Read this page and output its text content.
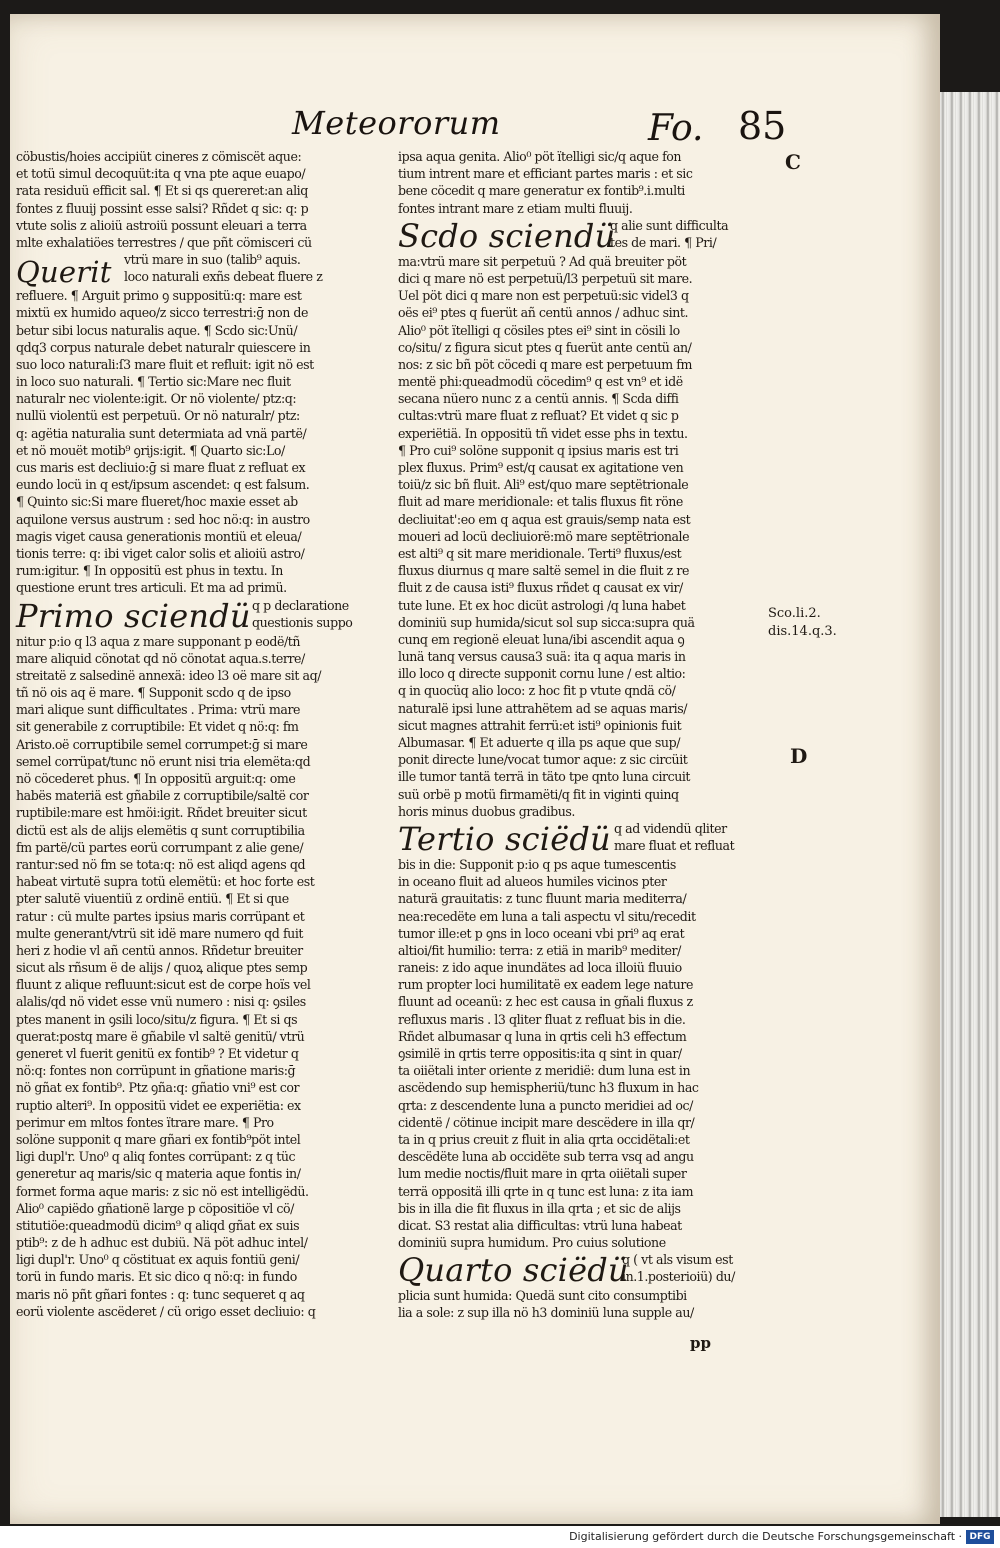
Meteororum	Fo. 85
C
D
Sco.li.2.
dis.14.q.3.
pp
cöbustis/hoies accipiüt cineres z cömiscët aque:
et totü simul decoquüt:ita q vna pte aque euapo/
rata residuü efficit sal. ¶ Et si qs quereret:an aliq
fontes z fluuij possint esse salsi? Rñdet q sic: q: p
vtute solis z alioiü astroiü possunt eleuari a terra
mlte exhalatiöes terrestres / que pñt cömisceri cü
Querit vtrü mare in suo (talib⁹ aquis.
loco naturali exñs debeat fluere z
refluere. ¶ Arguit primo ꝯ suppositü:q: mare est
mixtü ex humido aqueo/z sicco terrestri:ḡ non de
betur sibi locus naturalis aque. ¶ Scdo sic:Unü/
qdq3 corpus naturale debet naturalr quiescere in
suo loco naturali:ſ3 mare fluit et refluit: igit nö est
in loco suo naturali. ¶ Tertio sic:Mare nec fluit
naturalr nec violente:igit. Or nö violente/ ptz:q:
nullü violentü est perpetuü. Or nö naturalr/ ptz:
q: agëtia naturalia sunt determiata ad vnä partë/
et nö mouët motib⁹ ꝯrijs:igit. ¶ Quarto sic:Lo/
cus maris est decliuio:ḡ si mare fluat z refluat ex
eundo locü in q est/ipsum ascendet: q est falsum.
¶ Quinto sic:Si mare flueret/hoc maxie esset ab
aquilone versus austrum : sed hoc nö:q: in austro
magis viget causa generationis montiü et eleua/
tionis terre: q: ibi viget calor solis et alioiü astro/
rum:igitur. ¶ In oppositü est phus in textu. In
questione erunt tres articuli. Et ma ad primü.
Primo sciendü q p declaratione
questionis suppo
nitur p:io q l3 aqua z mare supponant p eodë/tñ
mare aliquid cönotat qd nö cönotat aqua.s.terre/
streitatë z salsedinë annexä: ideo l3 oë mare sit aq/
tñ nö ois aq ë mare. ¶ Supponit scdo q de ipso
mari alique sunt difficultates . Prima: vtrü mare
sit generabile z corruptibile: Et videt q nö:q: fm
Aristo.oë corruptibile semel corrumpet:ḡ si mare
semel corrüpat/tunc nö erunt nisi tria elemëta:qd
nö cöcederet phus. ¶ In oppositü arguit:q: ome
habës materiä est gñabile z corruptibile/saltë cor
ruptibile:mare est hmöi:igit. Rñdet breuiter sicut
dictü est als de alijs elemëtis q sunt corruptibilia
fm partë/cü partes eorü corrumpant z alie gene/
rantur:sed nö fm se tota:q: nö est aliqd agens qd
habeat virtutë supra totü elemëtü: et hoc forte est
pter salutë viuentiü z ordinë entiü. ¶ Et si que
ratur : cü multe partes ipsius maris corrüpant et
multe generant/vtrü sit idë mare numero qd fuit
heri z hodie vl añ centü annos. Rñdetur breuiter
sicut als rñsum ë de alijs / quoꝝ alique ptes semp
fluunt z alique refluunt:sicut est de corpe hoïs vel
alalis/qd nö videt esse vnü numero : nisi q: ꝯsiles
ptes manent in ꝯsili loco/situ/z figura. ¶ Et si qs
querat:postq mare ë gñabile vl saltë genitü/ vtrü
generet vl fuerit genitü ex fontib⁹ ? Et videtur q
nö:q: fontes non corrüpunt in gñatione maris:ḡ
nö gñat ex fontib⁹. Ptz ꝯña:q: gñatio vni⁹ est cor
ruptio alteri⁹. In oppositü videt ee experiëtia: ex
perimur em mltos fontes ïtrare mare. ¶ Pro
solöne supponit q mare gñari ex fontib⁹pöt intel
ligi dupl'r. Uno⁰ q aliq fontes corrüpant: z q tüc
generetur aq maris/sic q materia aque fontis in/
formet forma aque maris: z sic nö est intelligëdü.
Alio⁰ capiëdo gñationë large p cöpositiöe vl cö/
stitutiöe:queadmodü dicim⁹ q aliqd gñat ex suis
ptib⁹: z de h adhuc est dubiü. Nä pöt adhuc intel/
ligi dupl'r. Uno⁰ q cöstituat ex aquis fontiü geni/
torü in fundo maris. Et sic dico q nö:q: in fundo
maris nö pñt gñari fontes : q: tunc sequeret q aq
eorü violente ascëderet / cü origo esset decliuio: q
ipsa aqua genita. Alio⁰ pöt ïtelligi sic/q aque fon
tium intrent mare et efficiant partes maris : et sic
bene cöcedit q mare generatur ex fontib⁹.i.multi
fontes intrant mare z etiam multi fluuij.
Scdo sciendü
q alie sunt difficulta
tes de mari. ¶ Pri/
ma:vtrü mare sit perpetuü ? Ad quä breuiter pöt
dici q mare nö est perpetuü/l3 perpetuü sit mare.
Uel pöt dici q mare non est perpetuü:sic videl3 q
oës ei⁹ ptes q fuerüt añ centü annos / adhuc sint.
Alio⁰ pöt ïtelligi q cösiles ptes ei⁹ sint in cösili lo
co/situ/ z figura sicut ptes q fuerüt ante centü an/
nos: z sic bñ pöt cöcedi q mare est perpetuum fm
mentë phi:queadmodü cöcedim⁹ q est vn⁹ et idë
secana nüero nunc z a centü annis. ¶ Scda diffi
cultas:vtrü mare fluat z refluat? Et videt q sic p
experiëtiä. In oppositü tñ videt esse phs in textu.
¶ Pro cui⁹ solöne supponit q ipsius maris est tri
plex fluxus. Prim⁹ est/q causat ex agitatione ven
toiü/z sic bñ fluit. Ali⁹ est/quo mare septëtrionale
fluit ad mare meridionale: et talis fluxus fit röne
decliuitat':eo em q aqua est grauis/semp nata est
moueri ad locü decliuiorë:mö mare septëtrionale
est alti⁹ q sit mare meridionale. Terti⁹ fluxus/est
fluxus diurnus q mare saltë semel in die fluit z re
fluit z de causa isti⁹ fluxus rñdet q causat ex vir/
tute lune. Et ex hoc dicüt astrologi /q luna habet
dominiü sup humida/sicut sol sup sicca:supra quä
cunq em regionë eleuat luna/ibi ascendit aqua ꝯ
lunä tanq versus causa3 suä: ita q aqua maris in
illo loco q directe supponit cornu lune / est altio:
q in quocüq alio loco: z hoc fit p vtute qndä cö/
naturalë ipsi lune attrahëtem ad se aquas maris/
sicut magnes attrahit ferrü:et isti⁹ opinionis fuit
Albumasar. ¶ Et aduerte q illa ps aque que sup/
ponit directe lune/vocat tumor aque: z sic circüit
ille tumor tantä terrä in täto tpe qnto luna circuit
suü orbë p motü firmamëti/q fit in viginti quinq
horis minus duobus gradibus.
Tertio sciëdü q ad videndü qliter
mare fluat et refluat
bis in die: Supponit p:io q ps aque tumescentis
in oceano fluit ad alueos humiles vicinos pter
naturä grauitatis: z tunc fluunt maria mediterra/
nea:recedëte em luna a tali aspectu vl situ/recedit
tumor ille:et p ꝯns in loco oceani vbi pri⁹ aq erat
altioi/fit humilio: terra: z etiä in marib⁹ mediter/
raneis: z ido aque inundätes ad loca illoiü fluuio
rum propter loci humilitatë ex eadem lege nature
fluunt ad oceanü: z hec est causa in gñali fluxus z
refluxus maris . l3 qliter fluat z refluat bis in die.
Rñdet albumasar q luna in qrtis celi h3 effectum
ꝯsimilë in qrtis terre oppositis:ita q sint in quar/
ta oiiëtali inter oriente z meridië: dum luna est in
ascëdendo sup hemispheriü/tunc h3 fluxum in hac
qrta: z descendente luna a puncto meridiei ad oc/
cidentë / cötinue incipit mare descëdere in illa qr/
ta in q prius creuit z fluit in alia qrta occidëtali:et
descëdëte luna ab occidëte sub terra vsq ad angu
lum medie noctis/fluit mare in qrta oiiëtali super
terrä oppositä illi qrte in q tunc est luna: z ita iam
bis in illa die fit fluxus in illa qrta ; et sic de alijs
dicat. S3 restat alia difficultas: vtrü luna habeat
dominiü supra humidum. Pro cuius solutione
Quarto sciëdü
q ( vt als visum est
in.1.posterioiü) du/
plicia sunt humida: Quedä sunt cito consumptibi
lia a sole: z sup illa nö h3 dominiü luna supple au/
Digitalisierung gefördert durch die Deutsche Forschungsgemeinschaft · DFG
